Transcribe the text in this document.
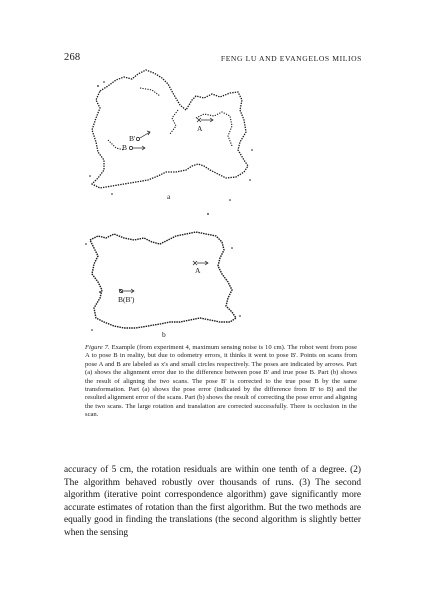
268	FENG LU AND EVANGELOS MILIOS
B'
B
A
a
A
B(B')
b
Figure 7. Example (from experiment 4, maximum sensing noise is 10 cm). The robot went from pose A to pose B in reality, but due to odometry errors, it thinks it went to pose B'. Points on scans from pose A and B are labeled as x's and small circles respectively. The poses are indicated by arrows. Part (a) shows the alignment error due to the difference between pose B' and true pose B. Part (b) shows the result of aligning the two scans. The pose B' is corrected to the true pose B by the same transformation. Part (a) shows the pose error (indicated by the difference from B' to B) and the resulted alignment error of the scans. Part (b) shows the result of correcting the pose error and aligning the two scans. The large rotation and translation are corrected successfully. There is occlusion in the scan.
accuracy of 5 cm, the rotation residuals are within one tenth of a degree. (2) The algorithm behaved robustly over thousands of runs. (3) The second algorithm (iterative point correspondence algorithm) gave significantly more accurate estimates of rotation than the first algorithm. But the two methods are equally good in finding the translations (the second algorithm is slightly better when the sensing
